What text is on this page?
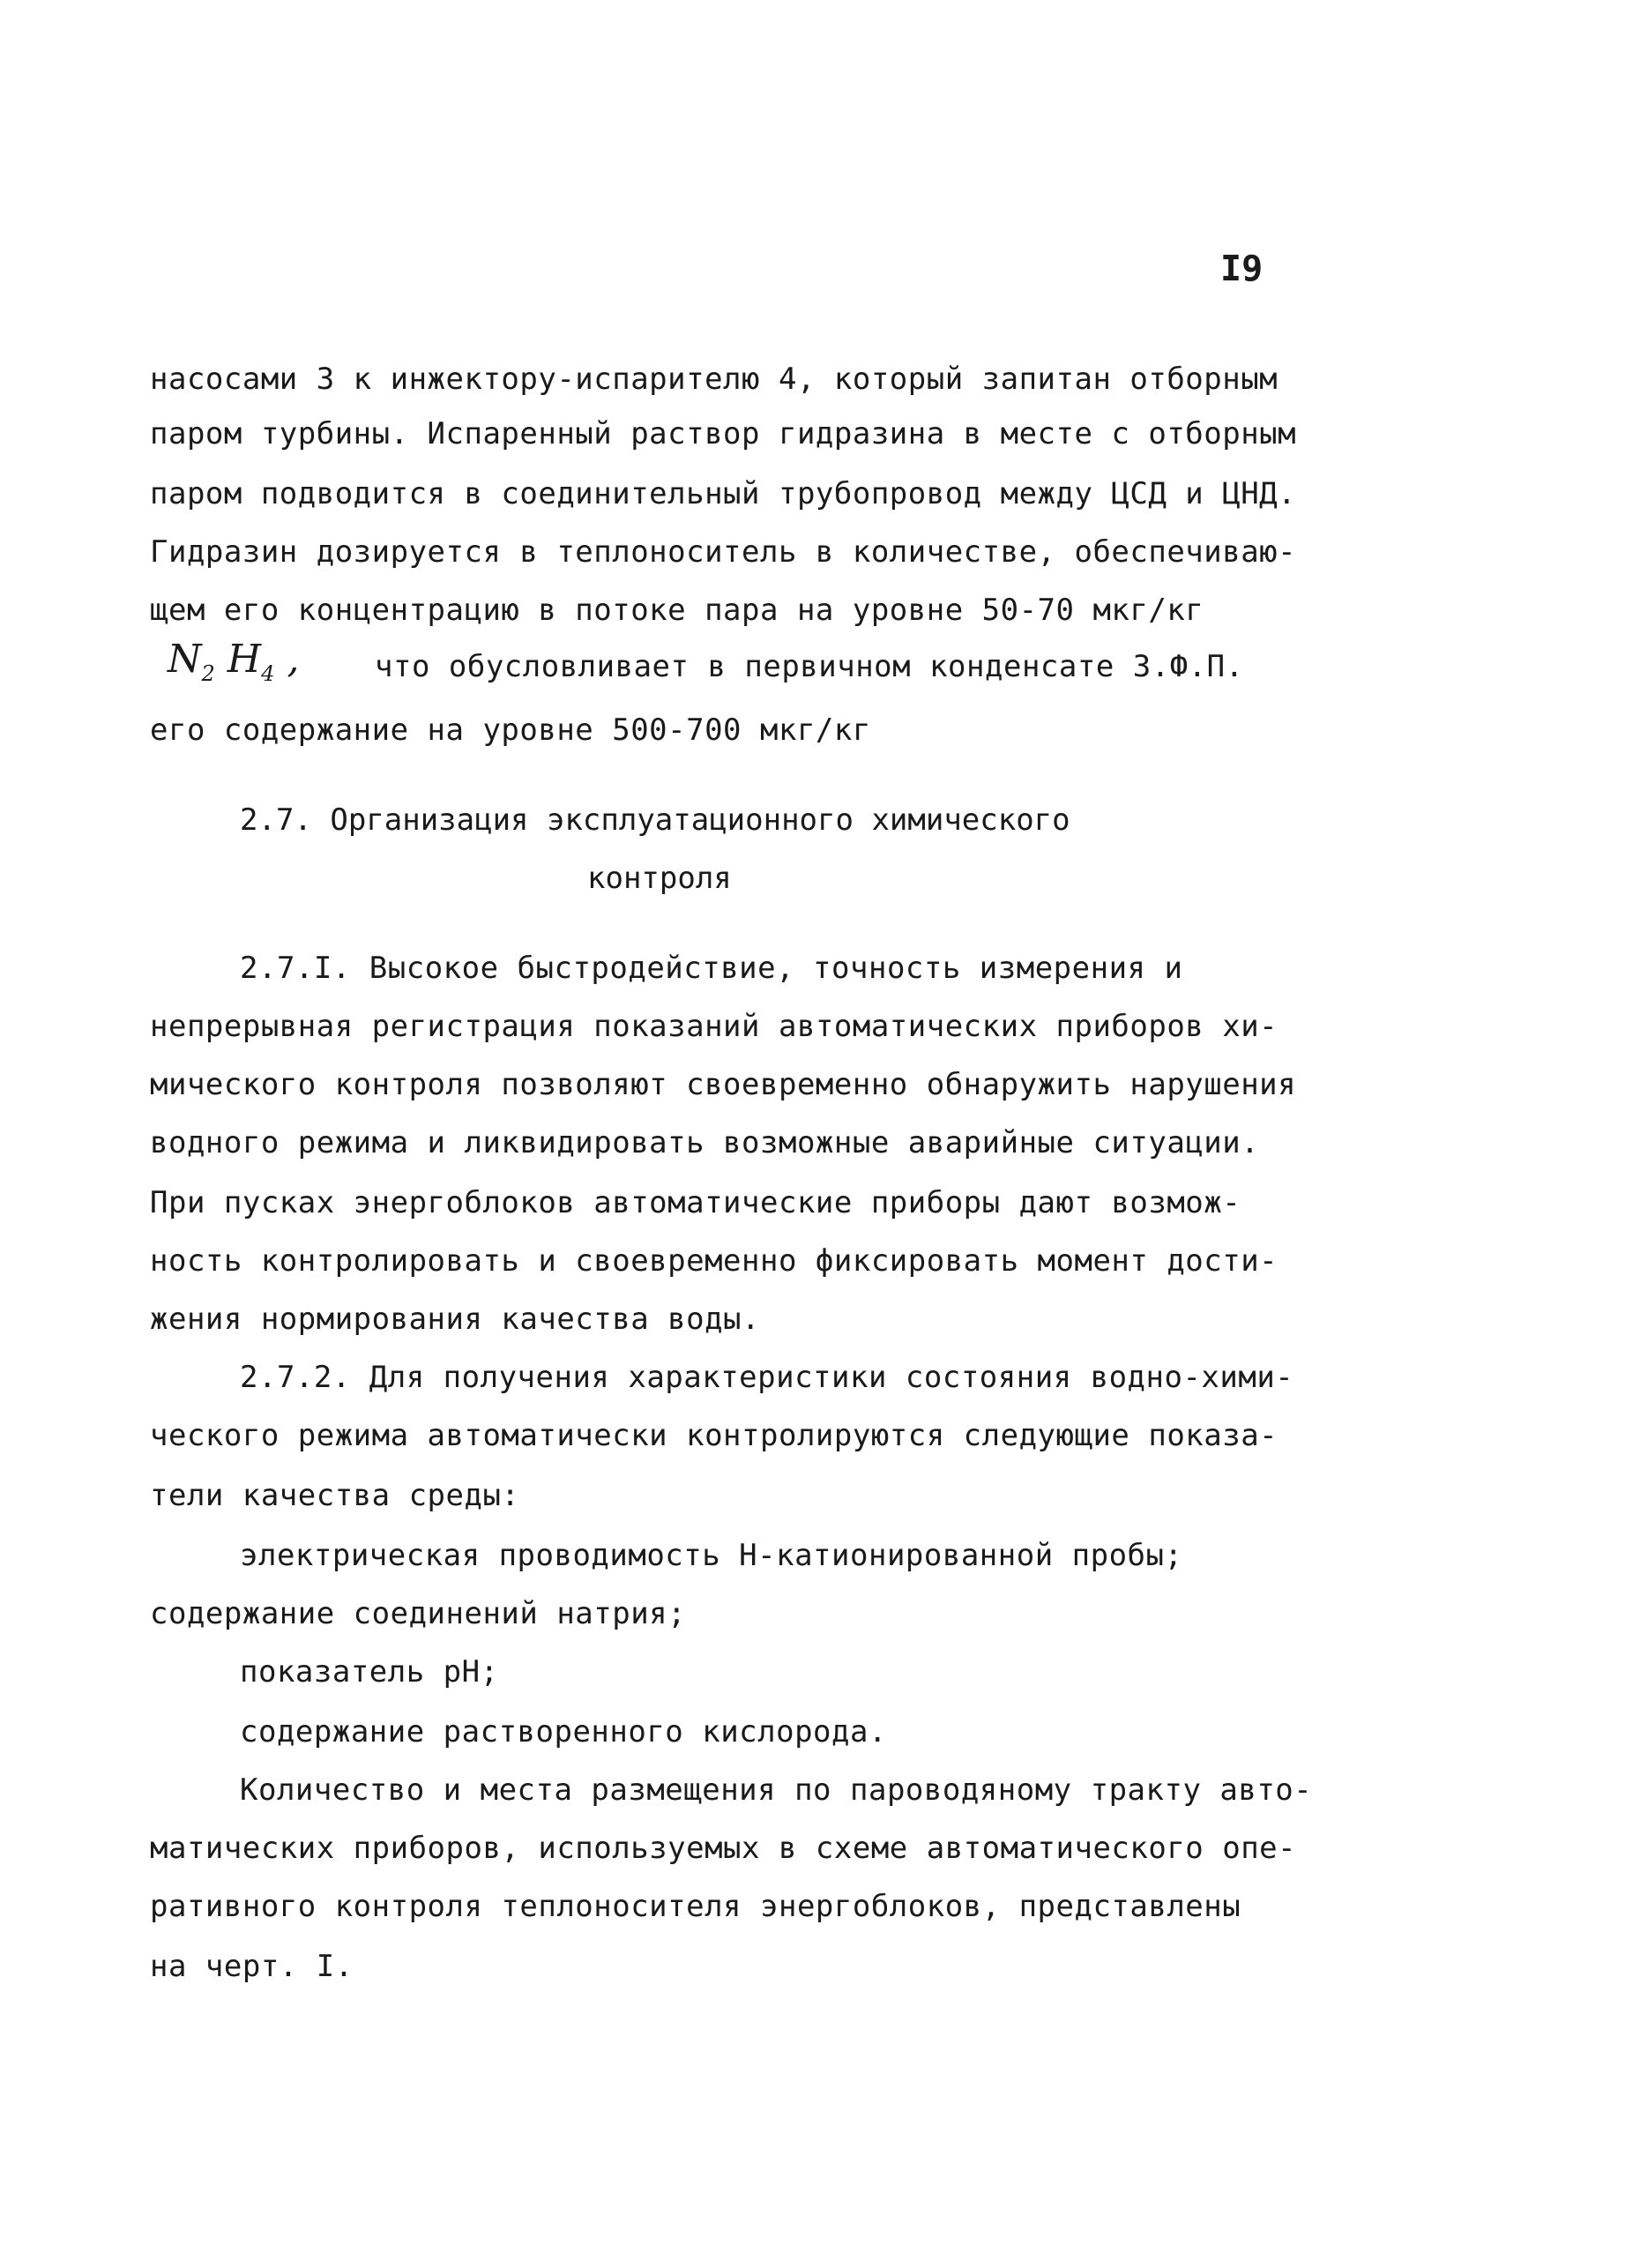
I9
насосами 3 к инжектору-испарителю 4, который запитан отборным
паром турбины. Испаренный раствор гидразина в месте с отборным
паром подводится в соединительный трубопровод между ЦСД и ЦНД.
Гидразин дозируется в теплоноситель в количестве, обеспечиваю-
щем его концентрацию в потоке пара на уровне 50-70 мкг/кг
$N_2$ $H_4$ ,	что обусловливает в первичном конденсате З.Ф.П.
его содержание на уровне 500-700 мкг/кг
2.7. Организация эксплуатационного химического
контроля
2.7.I. Высокое быстродействие, точность измерения и
непрерывная регистрация показаний автоматических приборов хи-
мического контроля позволяют своевременно обнаружить нарушения
водного режима и ликвидировать возможные аварийные ситуации.
При пусках энергоблоков автоматические приборы дают возмож-
ность контролировать и своевременно фиксировать момент дости-
жения нормирования качества воды.
2.7.2. Для получения характеристики состояния водно-хими-
ческого режима автоматически контролируются следующие показа-
тели качества среды:
электрическая проводимость Н-катионированной пробы;
содержание соединений натрия;
показатель рН;
содержание растворенного кислорода.
Количество и места размещения по пароводяному тракту авто-
матических приборов, используемых в схеме автоматического опе-
ративного контроля теплоносителя энергоблоков, представлены
на черт. I.
